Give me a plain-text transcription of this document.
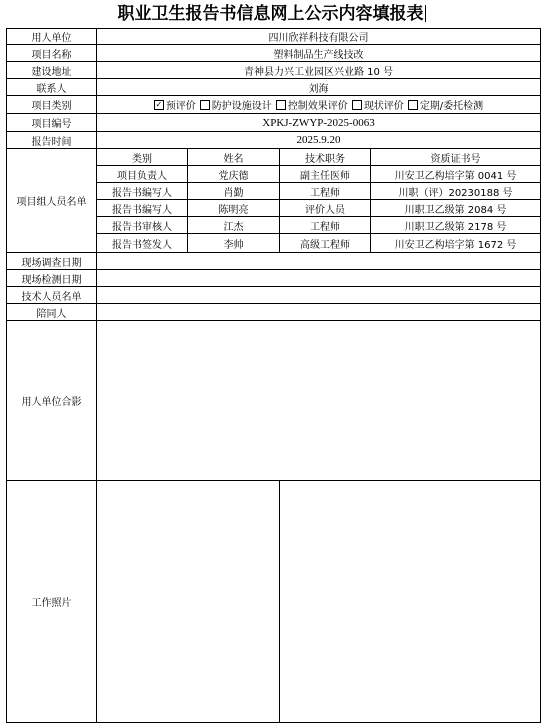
职业卫生报告书信息网上公示内容填报表
用人单位	四川欣祥科技有限公司
项目名称	塑料制品生产线技改
建设地址	青神县力兴工业园区兴业路 10 号
联系人	刘海
项目类别	✓ 预评价 防护设施设计 控制效果评价 现状评价 定期/委托检测
项目编号	XPKJ-ZWYP-2025-0063
报告时间	2025.9.20
项目组人员名单
类别	姓名	技术职务	资质证书号
项目负责人	党庆德	副主任医师	川安卫乙构培字第 0041 号
报告书编写人	肖勤	工程师	川职（评）20230188 号
报告书编写人	陈明亮	评价人员	川职卫乙级第 2084 号
报告书审核人	江杰	工程师	川职卫乙级第 2178 号
报告书签发人	李帅	高级工程师	川安卫乙构培字第 1672 号
现场调查日期
现场检测日期
技术人员名单
陪同人
用人单位合影
工作照片
